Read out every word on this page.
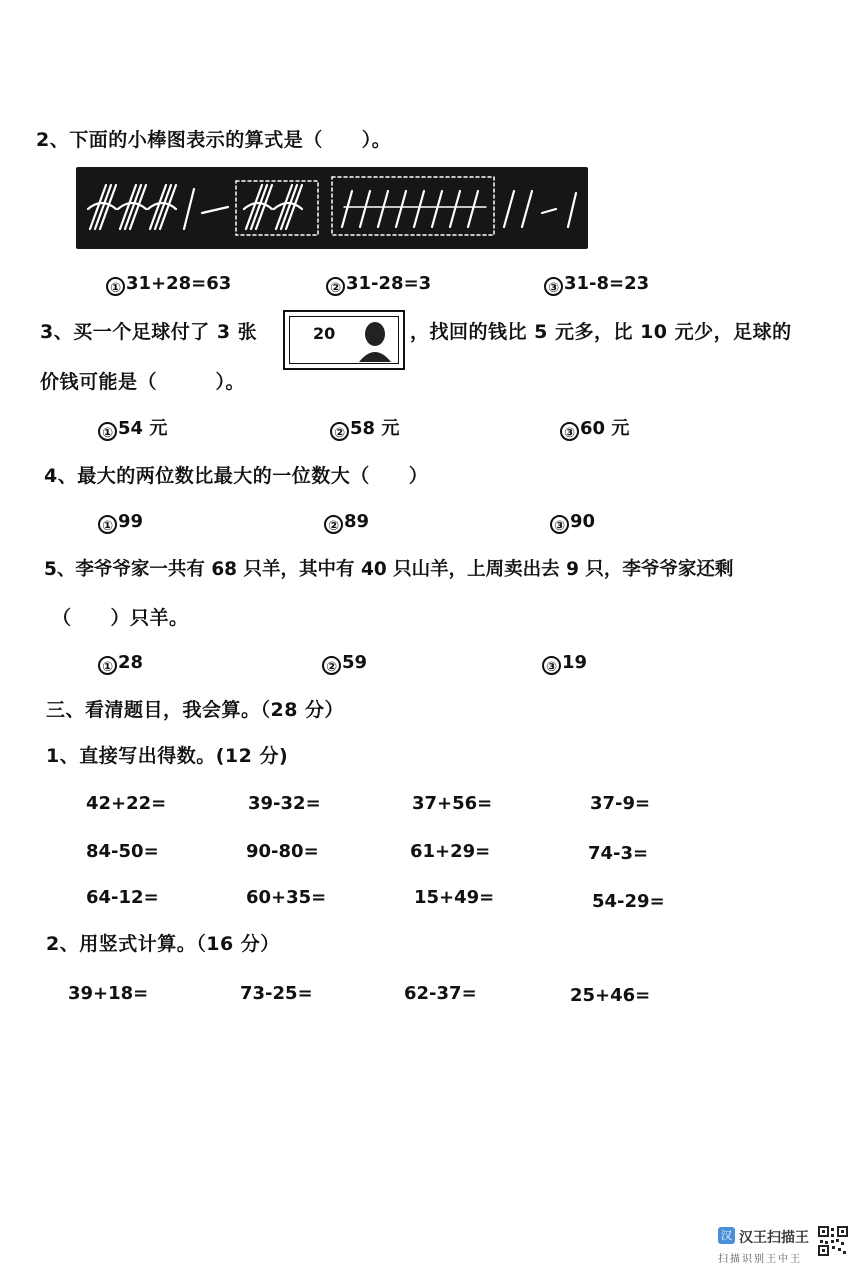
2、下面的小棒图表示的算式是（　　）。
① 31+28=63	② 31-28=3	③ 31-8=23
3、买一个足球付了 3 张	20	，找回的钱比 5 元多，比 10 元少，足球的
价钱可能是（　　　）。
① 54 元	② 58 元	③ 60 元
4、最大的两位数比最大的一位数大（　　）
① 99	② 89	③ 90
5、李爷爷家一共有 68 只羊，其中有 40 只山羊，上周卖出去 9 只，李爷爷家还剩
（　　）只羊。
① 28	② 59	③ 19
三、看清题目，我会算。（28 分）
1、直接写出得数。(12 分)
42+22=	39-32=	37+56=	37-9=
84-50=	90-80=	61+29=	74-3=
64-12=	60+35=	15+49=	54-29=
2、用竖式计算。（16 分）
39+18=	73-25=	62-37=	25+46=
汉 汉王扫描王
扫描识别王中王
